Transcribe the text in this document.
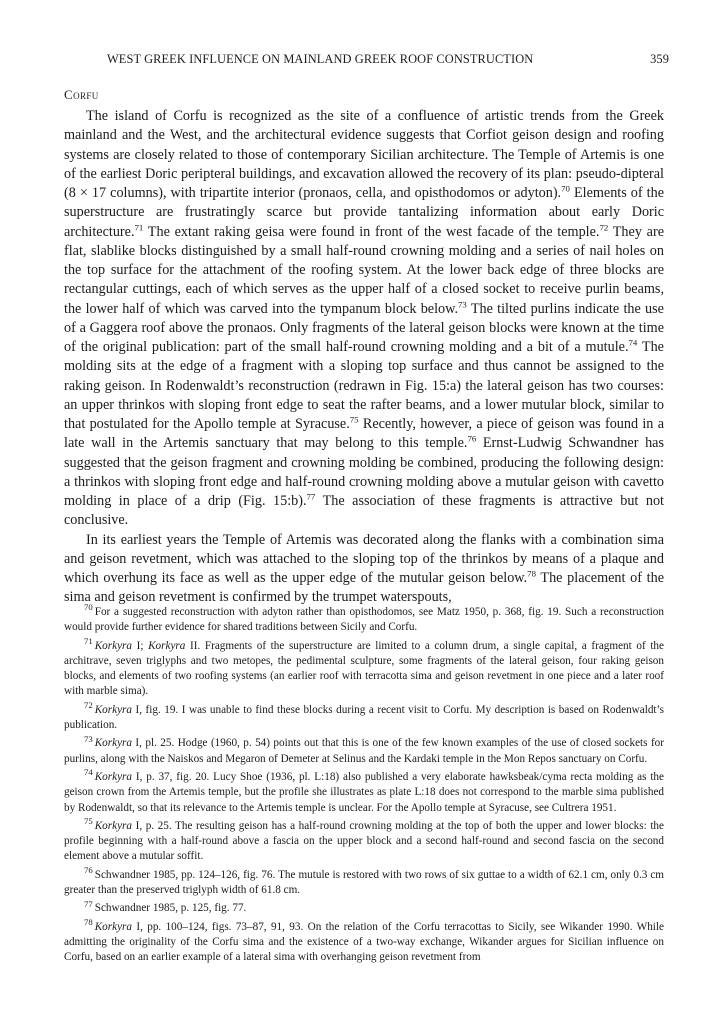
WEST GREEK INFLUENCE ON MAINLAND GREEK ROOF CONSTRUCTION	359
Corfu

The island of Corfu is recognized as the site of a confluence of artistic trends from the Greek mainland and the West, and the architectural evidence suggests that Corfiot geison design and roofing systems are closely related to those of contemporary Sicilian architecture. The Temple of Artemis is one of the earliest Doric peripteral buildings, and excavation allowed the recovery of its plan: pseudo-dipteral (8 × 17 columns), with tripartite interior (pronaos, cella, and opisthodomos or adyton).$^{70}$ Elements of the superstructure are frustratingly scarce but provide tantalizing information about early Doric architecture.$^{71}$ The extant raking geisa were found in front of the west facade of the temple.$^{72}$ They are flat, slablike blocks distinguished by a small half-round crowning molding and a series of nail holes on the top surface for the attachment of the roofing system. At the lower back edge of three blocks are rectangular cuttings, each of which serves as the upper half of a closed socket to receive purlin beams, the lower half of which was carved into the tympanum block below.$^{73}$ The tilted purlins indicate the use of a Gaggera roof above the pronaos. Only fragments of the lateral geison blocks were known at the time of the original publication: part of the small half-round crowning molding and a bit of a mutule.$^{74}$ The molding sits at the edge of a fragment with a sloping top surface and thus cannot be assigned to the raking geison. In Rodenwaldt’s reconstruction (redrawn in Fig. 15:a) the lateral geison has two courses: an upper thrinkos with sloping front edge to seat the rafter beams, and a lower mutular block, similar to that postulated for the Apollo temple at Syracuse.$^{75}$ Recently, however, a piece of geison was found in a late wall in the Artemis sanctuary that may belong to this temple.$^{76}$ Ernst-Ludwig Schwandner has suggested that the geison fragment and crowning molding be combined, producing the following design: a thrinkos with sloping front edge and half-round crowning molding above a mutular geison with cavetto molding in place of a drip (Fig. 15:b).$^{77}$ The association of these fragments is attractive but not conclusive.

In its earliest years the Temple of Artemis was decorated along the flanks with a combination sima and geison revetment, which was attached to the sloping top of the thrinkos by means of a plaque and which overhung its face as well as the upper edge of the mutular geison below.$^{78}$ The placement of the sima and geison revetment is confirmed by the trumpet waterspouts,

$^{70}$ For a suggested reconstruction with adyton rather than opisthodomos, see Matz 1950, p. 368, fig. 19. Such a reconstruction would provide further evidence for shared traditions between Sicily and Corfu.

$^{71}$ Korkyra I; Korkyra II. Fragments of the superstructure are limited to a column drum, a single capital, a fragment of the architrave, seven triglyphs and two metopes, the pedimental sculpture, some fragments of the lateral geison, four raking geison blocks, and elements of two roofing systems (an earlier roof with terracotta sima and geison revetment in one piece and a later roof with marble sima).

$^{72}$ Korkyra I, fig. 19. I was unable to find these blocks during a recent visit to Corfu. My description is based on Rodenwaldt’s publication.

$^{73}$ Korkyra I, pl. 25. Hodge (1960, p. 54) points out that this is one of the few known examples of the use of closed sockets for purlins, along with the Naiskos and Megaron of Demeter at Selinus and the Kardaki temple in the Mon Repos sanctuary on Corfu.

$^{74}$ Korkyra I, p. 37, fig. 20. Lucy Shoe (1936, pl. L:18) also published a very elaborate hawksbeak/cyma recta molding as the geison crown from the Artemis temple, but the profile she illustrates as plate L:18 does not correspond to the marble sima published by Rodenwaldt, so that its relevance to the Artemis temple is unclear. For the Apollo temple at Syracuse, see Cultrera 1951.

$^{75}$ Korkyra I, p. 25. The resulting geison has a half-round crowning molding at the top of both the upper and lower blocks: the profile beginning with a half-round above a fascia on the upper block and a second half-round and second fascia on the second element above a mutular soffit.

$^{76}$ Schwandner 1985, pp. 124–126, fig. 76. The mutule is restored with two rows of six guttae to a width of 62.1 cm, only 0.3 cm greater than the preserved triglyph width of 61.8 cm.

$^{77}$ Schwandner 1985, p. 125, fig. 77.

$^{78}$ Korkyra I, pp. 100–124, figs. 73–87, 91, 93. On the relation of the Corfu terracottas to Sicily, see Wikander 1990. While admitting the originality of the Corfu sima and the existence of a two-way exchange, Wikander argues for Sicilian influence on Corfu, based on an earlier example of a lateral sima with overhanging geison revetment from
